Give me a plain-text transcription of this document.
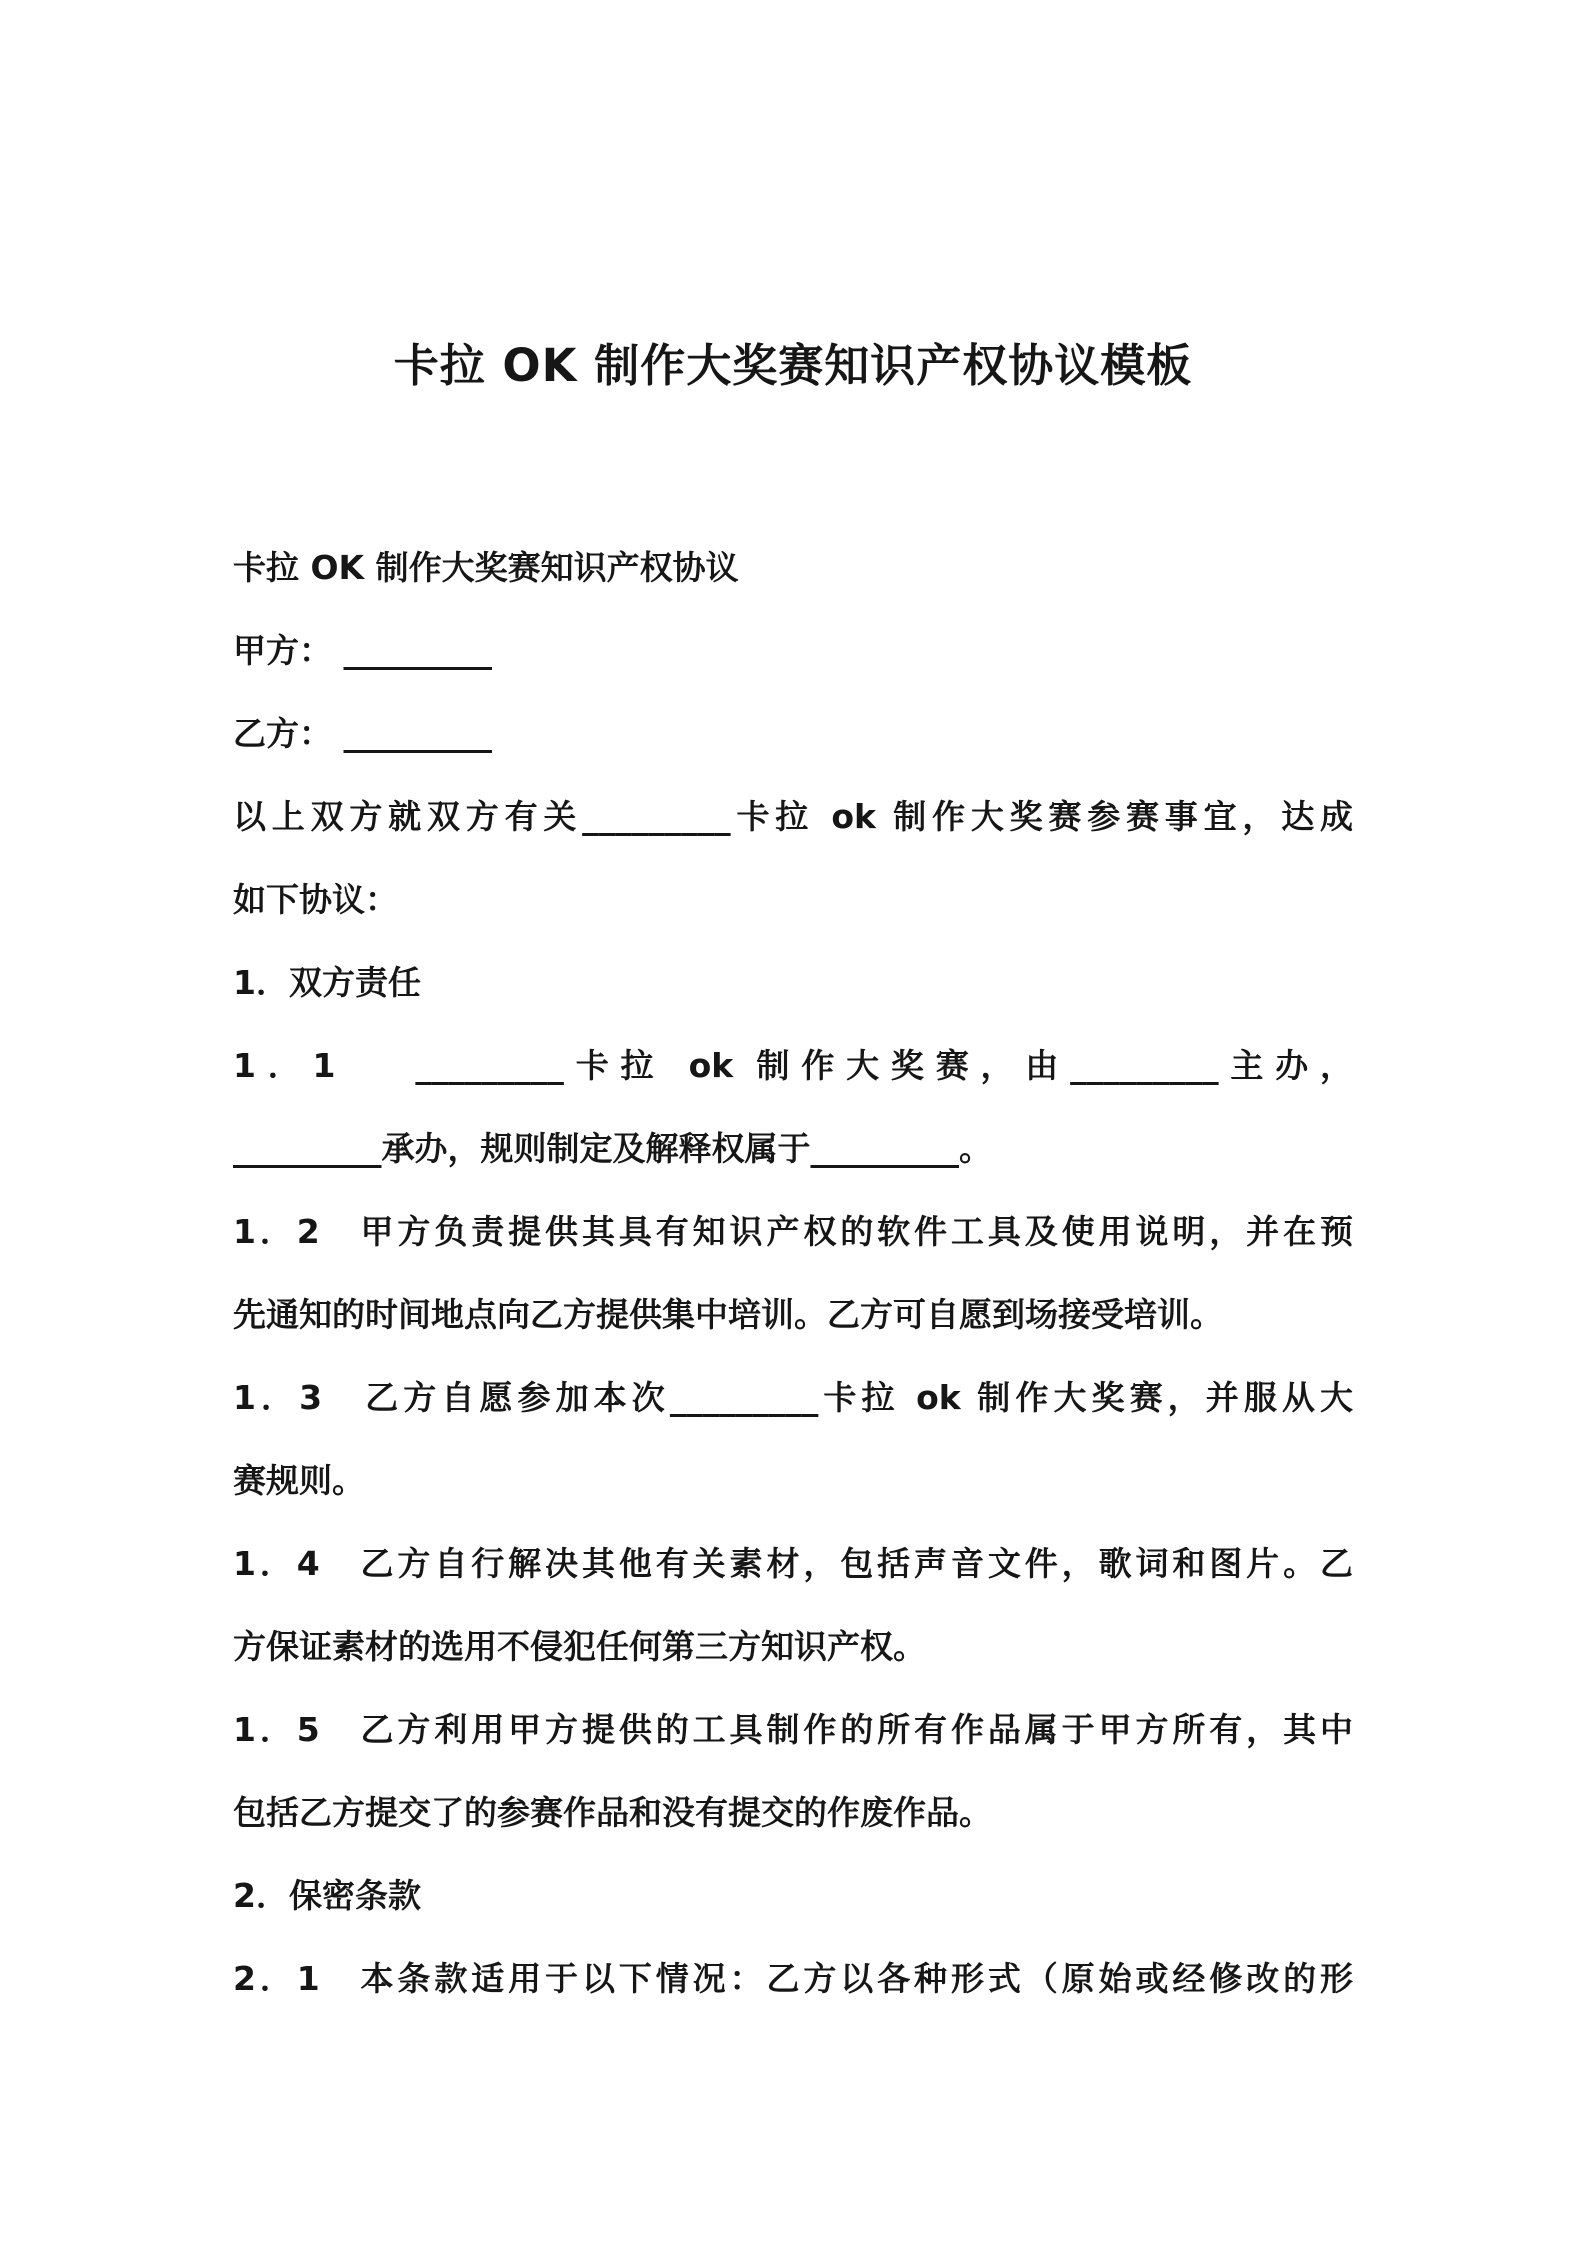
卡拉 OK 制作大奖赛知识产权协议模板
卡拉 OK 制作大奖赛知识产权协议
甲方： _________
乙方： _________
以上双方就双方有关_________卡拉 ok 制作大奖赛参赛事宜，达成
如下协议：
1．双方责任
1．1　 _________卡拉 ok 制作大奖赛，由_________主办，
_________承办，规则制定及解释权属于_________。
1．2　甲方负责提供其具有知识产权的软件工具及使用说明，并在预
先通知的时间地点向乙方提供集中培训。乙方可自愿到场接受培训。
1．3　乙方自愿参加本次_________卡拉 ok 制作大奖赛，并服从大
赛规则。
1．4　乙方自行解决其他有关素材，包括声音文件，歌词和图片。乙
方保证素材的选用不侵犯任何第三方知识产权。
1．5　乙方利用甲方提供的工具制作的所有作品属于甲方所有，其中
包括乙方提交了的参赛作品和没有提交的作废作品。
2．保密条款
2．1　本条款适用于以下情况：乙方以各种形式（原始或经修改的形
